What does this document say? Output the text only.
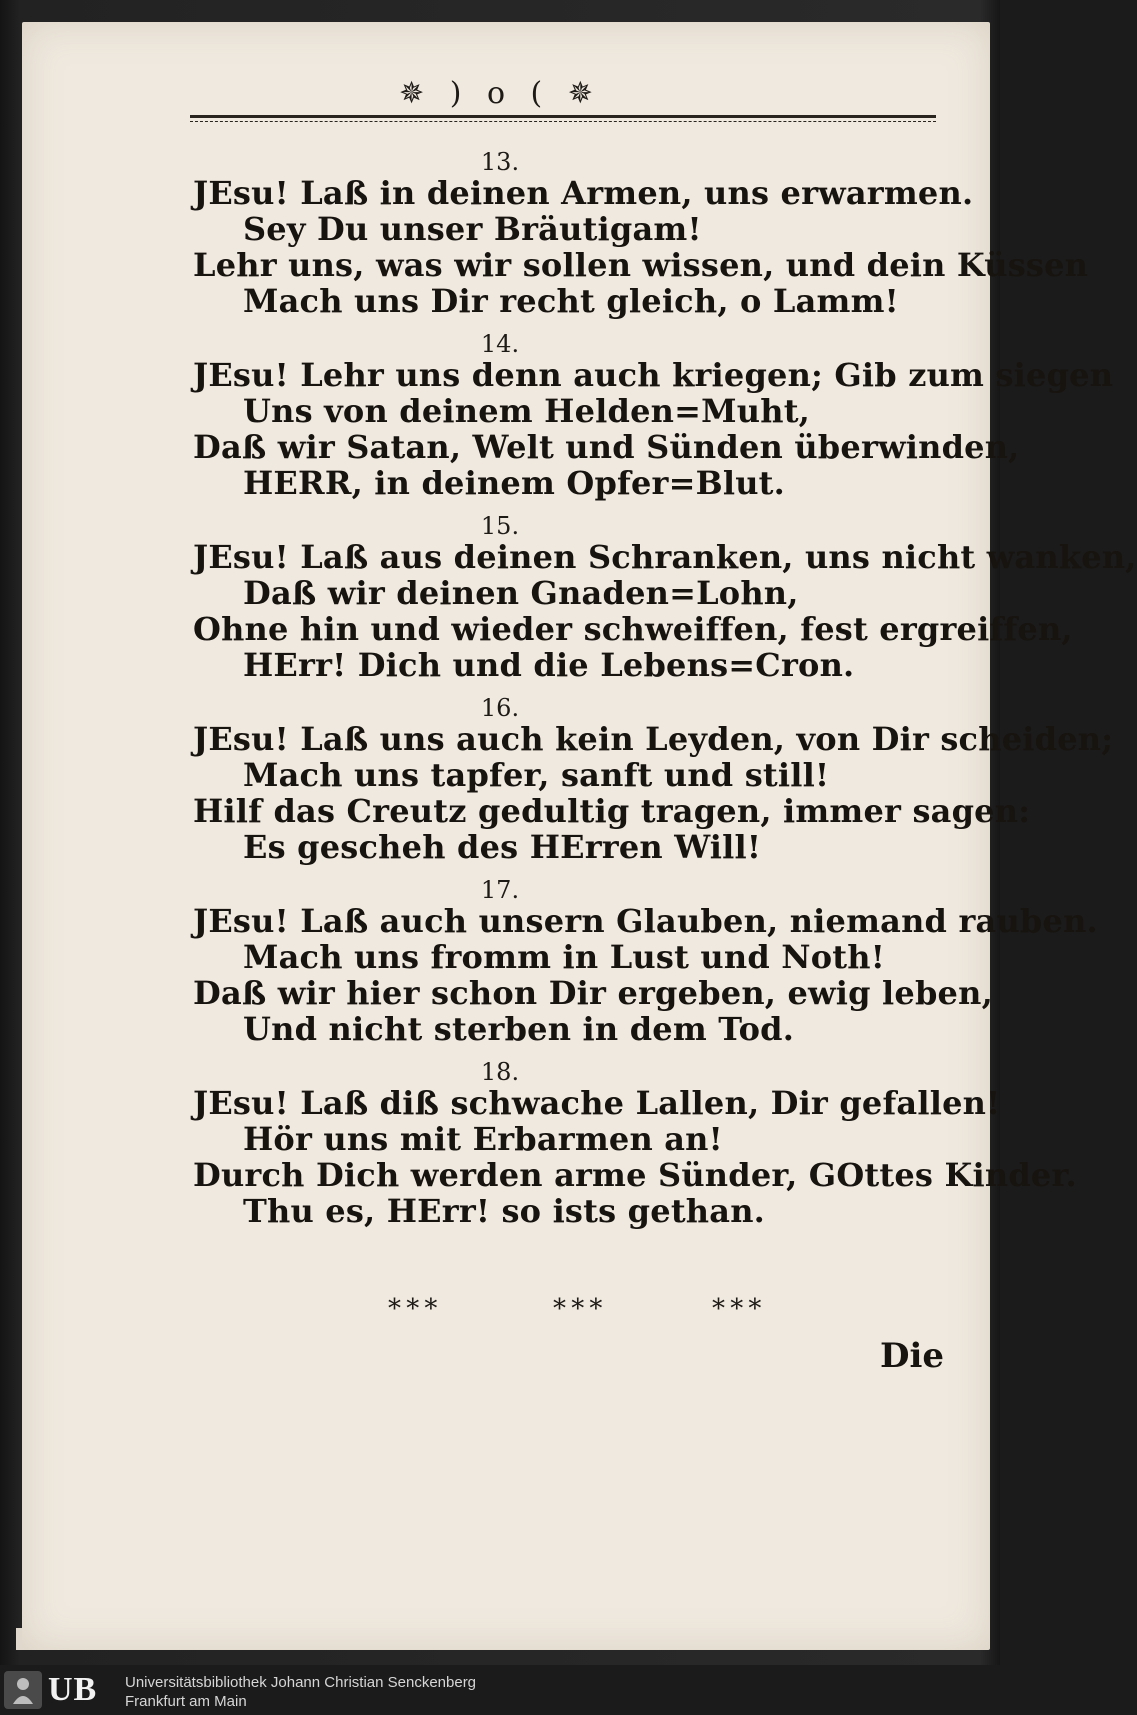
✵ ) o ( ✵
13.
JEsu! Laß in deinen Armen, uns erwarmen.
Sey Du unser Bräutigam!
Lehr uns, was wir sollen wissen, und dein Küssen
Mach uns Dir recht gleich, o Lamm!
14.
JEsu! Lehr uns denn auch kriegen; Gib zum siegen
Uns von deinem Helden=Muht,
Daß wir Satan, Welt und Sünden überwinden,
HERR, in deinem Opfer=Blut.
15.
JEsu! Laß aus deinen Schranken, uns nicht wanken,
Daß wir deinen Gnaden=Lohn,
Ohne hin und wieder schweiffen, fest ergreiffen,
HErr! Dich und die Lebens=Cron.
16.
JEsu! Laß uns auch kein Leyden, von Dir scheiden;
Mach uns tapfer, sanft und still!
Hilf das Creutz gedultig tragen, immer sagen:
Es gescheh des HErren Will!
17.
JEsu! Laß auch unsern Glauben, niemand rauben.
Mach uns fromm in Lust und Noth!
Daß wir hier schon Dir ergeben, ewig leben,
Und nicht sterben in dem Tod.
18.
JEsu! Laß diß schwache Lallen, Dir gefallen!
Hör uns mit Erbarmen an!
Durch Dich werden arme Sünder, GOttes Kinder.
Thu es, HErr! so ists gethan.
* * *	* * *	* * *
Die
UB Universitätsbibliothek Johann Christian Senckenberg
Frankfurt am Main
